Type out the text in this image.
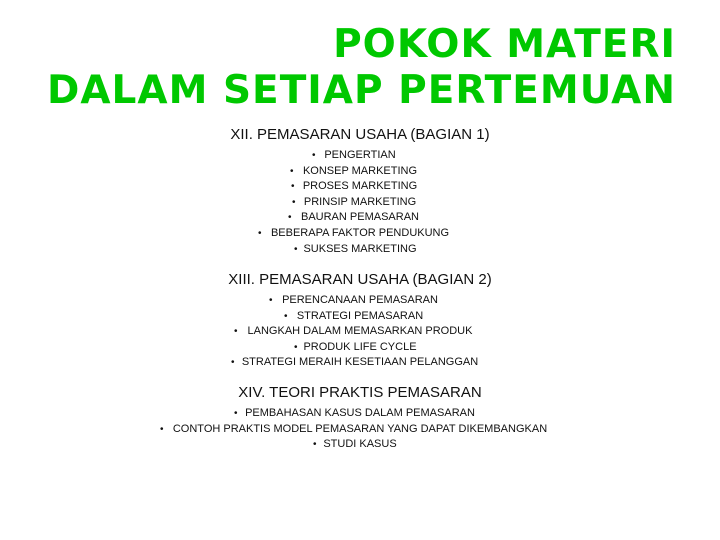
POKOK MATERI
DALAM SETIAP PERTEMUAN
XII. PEMASARAN USAHA (BAGIAN 1)
• PENGERTIAN
• KONSEP MARKETING
• PROSES MARKETING
• PRINSIP MARKETING
• BAURAN PEMASARAN
• BEBERAPA FAKTOR PENDUKUNG
• SUKSES MARKETING
XIII. PEMASARAN USAHA (BAGIAN 2)
• PERENCANAAN PEMASARAN
• STRATEGI PEMASARAN
• LANGKAH DALAM MEMASARKAN PRODUK
• PRODUK LIFE CYCLE
• STRATEGI MERAIH KESETIAAN PELANGGAN
XIV. TEORI PRAKTIS PEMASARAN
• PEMBAHASAN KASUS DALAM PEMASARAN
• CONTOH PRAKTIS MODEL PEMASARAN YANG DAPAT DIKEMBANGKAN
• STUDI KASUS
